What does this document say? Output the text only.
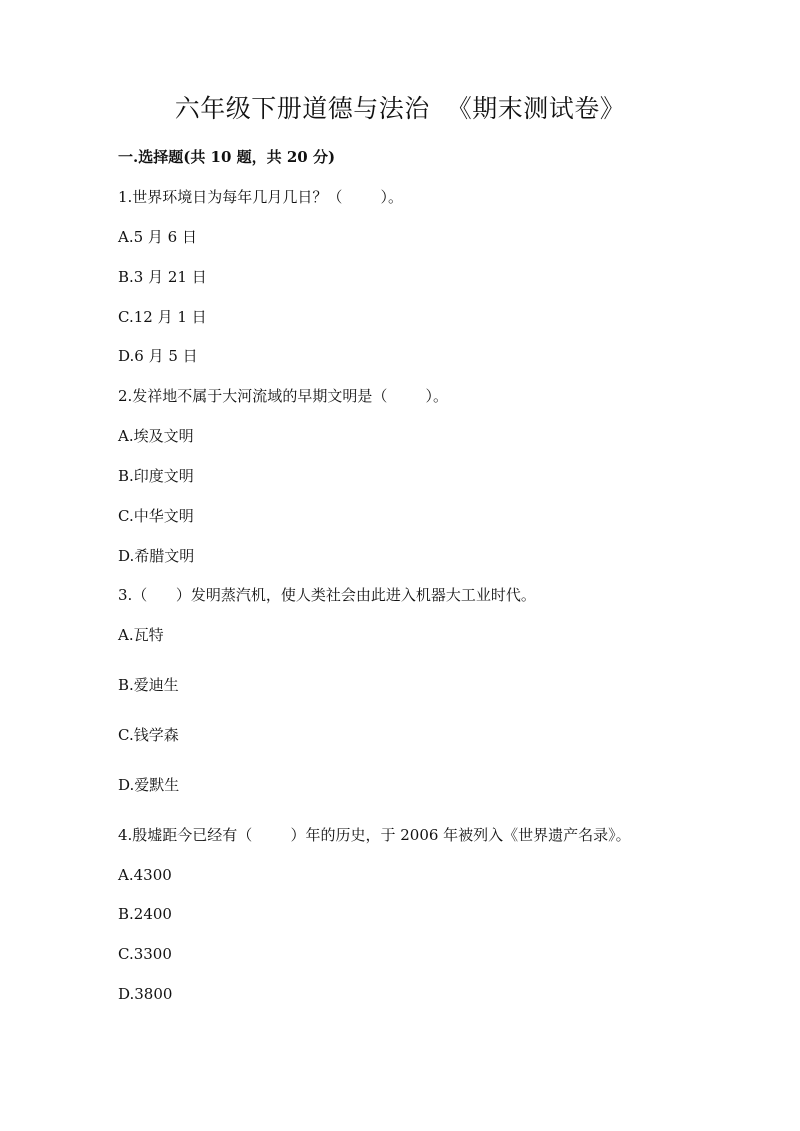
六年级下册道德与法治  《期末测试卷》
一.选择题(共 10 题，共 20 分)
1.世界环境日为每年几月几日？（        ）。
A.5 月 6 日
B.3 月 21 日
C.12 月 1 日
D.6 月 5 日
2.发祥地不属于大河流域的早期文明是（        ）。
A.埃及文明
B.印度文明
C.中华文明
D.希腊文明
3.（      ）发明蒸汽机，使人类社会由此进入机器大工业时代。
A.瓦特
B.爱迪生
C.钱学森
D.爱默生
4.殷墟距今已经有（        ）年的历史，于 2006 年被列入《世界遗产名录》。
A.4300
B.2400
C.3300
D.3800
